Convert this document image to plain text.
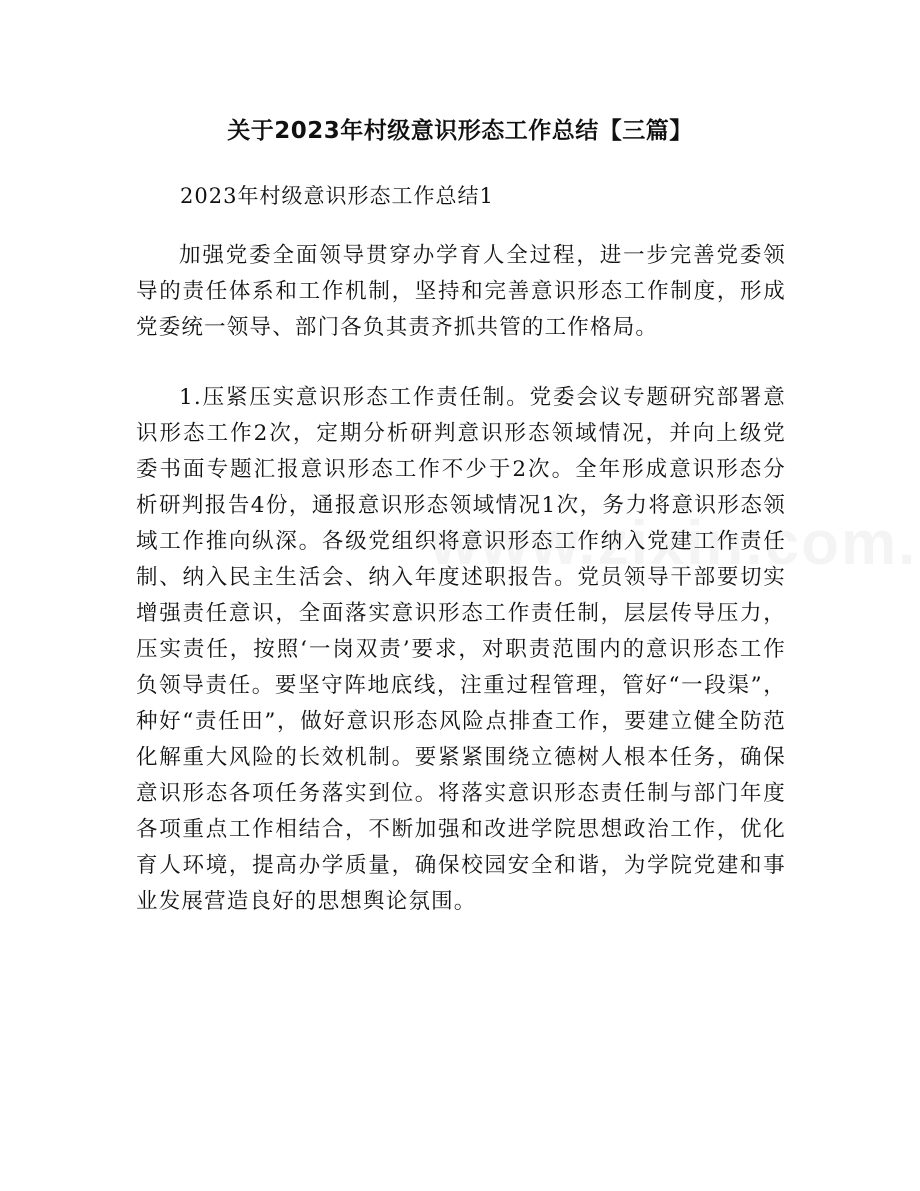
关于2023年村级意识形态工作总结【三篇】

2023年村级意识形态工作总结1

加强党委全面领导贯穿办学育人全过程，进一步完善党委领导的责任体系和工作机制，坚持和完善意识形态工作制度，形成党委统一领导、部门各负其责齐抓共管的工作格局。

1.压紧压实意识形态工作责任制。党委会议专题研究部署意识形态工作2次，定期分析研判意识形态领域情况，并向上级党委书面专题汇报意识形态工作不少于2次。全年形成意识形态分析研判报告4份，通报意识形态领域情况1次，务力将意识形态领域工作推向纵深。各级党组织将意识形态工作纳入党建工作责任制、纳入民主生活会、纳入年度述职报告。党员领导干部要切实增强责任意识，全面落实意识形态工作责任制，层层传导压力，压实责任，按照‘一岗双责’要求，对职责范围内的意识形态工作负领导责任。要坚守阵地底线，注重过程管理，管好“一段渠”，种好“责任田”，做好意识形态风险点排查工作，要建立健全防范化解重大风险的长效机制。要紧紧围绕立德树人根本任务，确保意识形态各项任务落实到位。将落实意识形态责任制与部门年度各项重点工作相结合，不断加强和改进学院思想政治工作，优化育人环境，提高办学质量，确保校园安全和谐，为学院党建和事业发展营造良好的思想舆论氛围。
